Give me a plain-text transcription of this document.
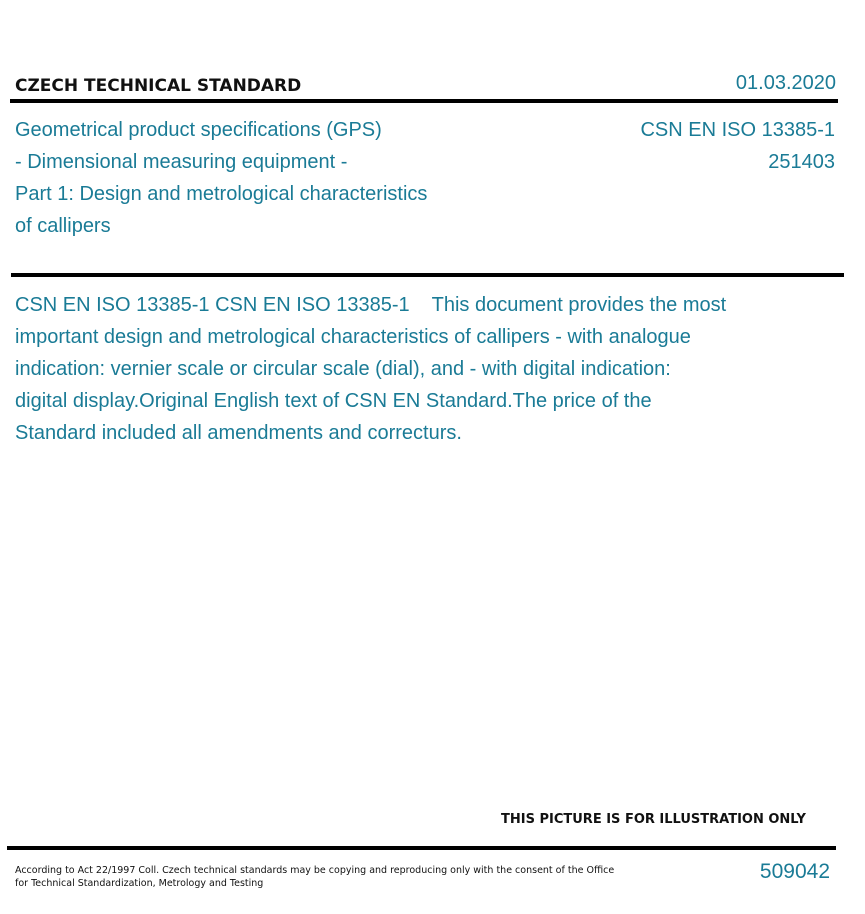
CZECH TECHNICAL STANDARD	01.03.2020
Geometrical product specifications (GPS)
- Dimensional measuring equipment -
Part 1: Design and metrological characteristics
of callipers
CSN EN ISO 13385-1
251403
CSN EN ISO 13385-1 CSN EN ISO 13385-1 This document provides the most
important design and metrological characteristics of callipers - with analogue
indication: vernier scale or circular scale (dial), and - with digital indication:
digital display.Original English text of CSN EN Standard.The price of the
Standard included all amendments and correcturs.
THIS PICTURE IS FOR ILLUSTRATION ONLY
According to Act 22/1997 Coll. Czech technical standards may be copying and reproducing only with the consent of the Office
for Technical Standardization, Metrology and Testing
509042
